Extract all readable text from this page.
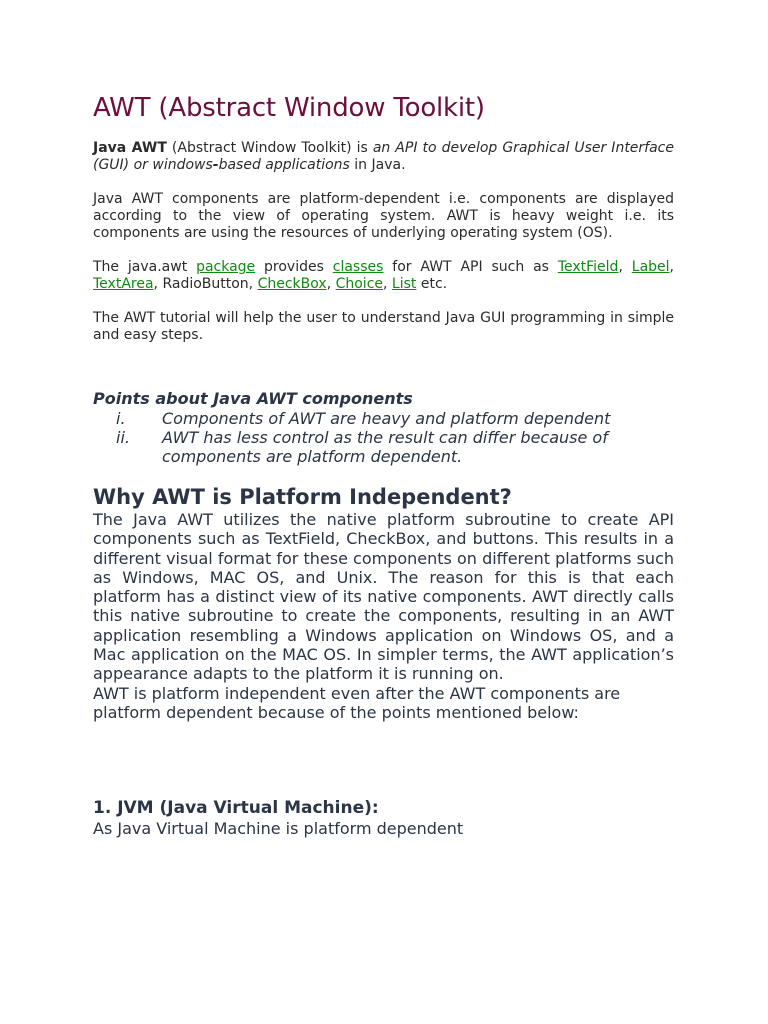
AWT (Abstract Window Toolkit)

Java AWT (Abstract Window Toolkit) is an API to develop Graphical User Interface (GUI) or windows-based applications in Java.

Java AWT components are platform-dependent i.e. components are displayed according to the view of operating system. AWT is heavy weight i.e. its components are using the resources of underlying operating system (OS).

The java.awt package provides classes for AWT API such as TextField, Label, TextArea, RadioButton, CheckBox, Choice, List etc.

The AWT tutorial will help the user to understand Java GUI programming in simple and easy steps.

Points about Java AWT components
i. Components of AWT are heavy and platform dependent
ii. AWT has less control as the result can differ because of components are platform dependent.
Why AWT is Platform Independent?

The Java AWT utilizes the native platform subroutine to create API components such as TextField, CheckBox, and buttons. This results in a different visual format for these components on different platforms such as Windows, MAC OS, and Unix. The reason for this is that each platform has a distinct view of its native components. AWT directly calls this native subroutine to create the components, resulting in an AWT application resembling a Windows application on Windows OS, and a Mac application on the MAC OS. In simpler terms, the AWT application’s appearance adapts to the platform it is running on.

AWT is platform independent even after the AWT components are platform dependent because of the points mentioned below:

1. JVM (Java Virtual Machine):

As Java Virtual Machine is platform dependent
